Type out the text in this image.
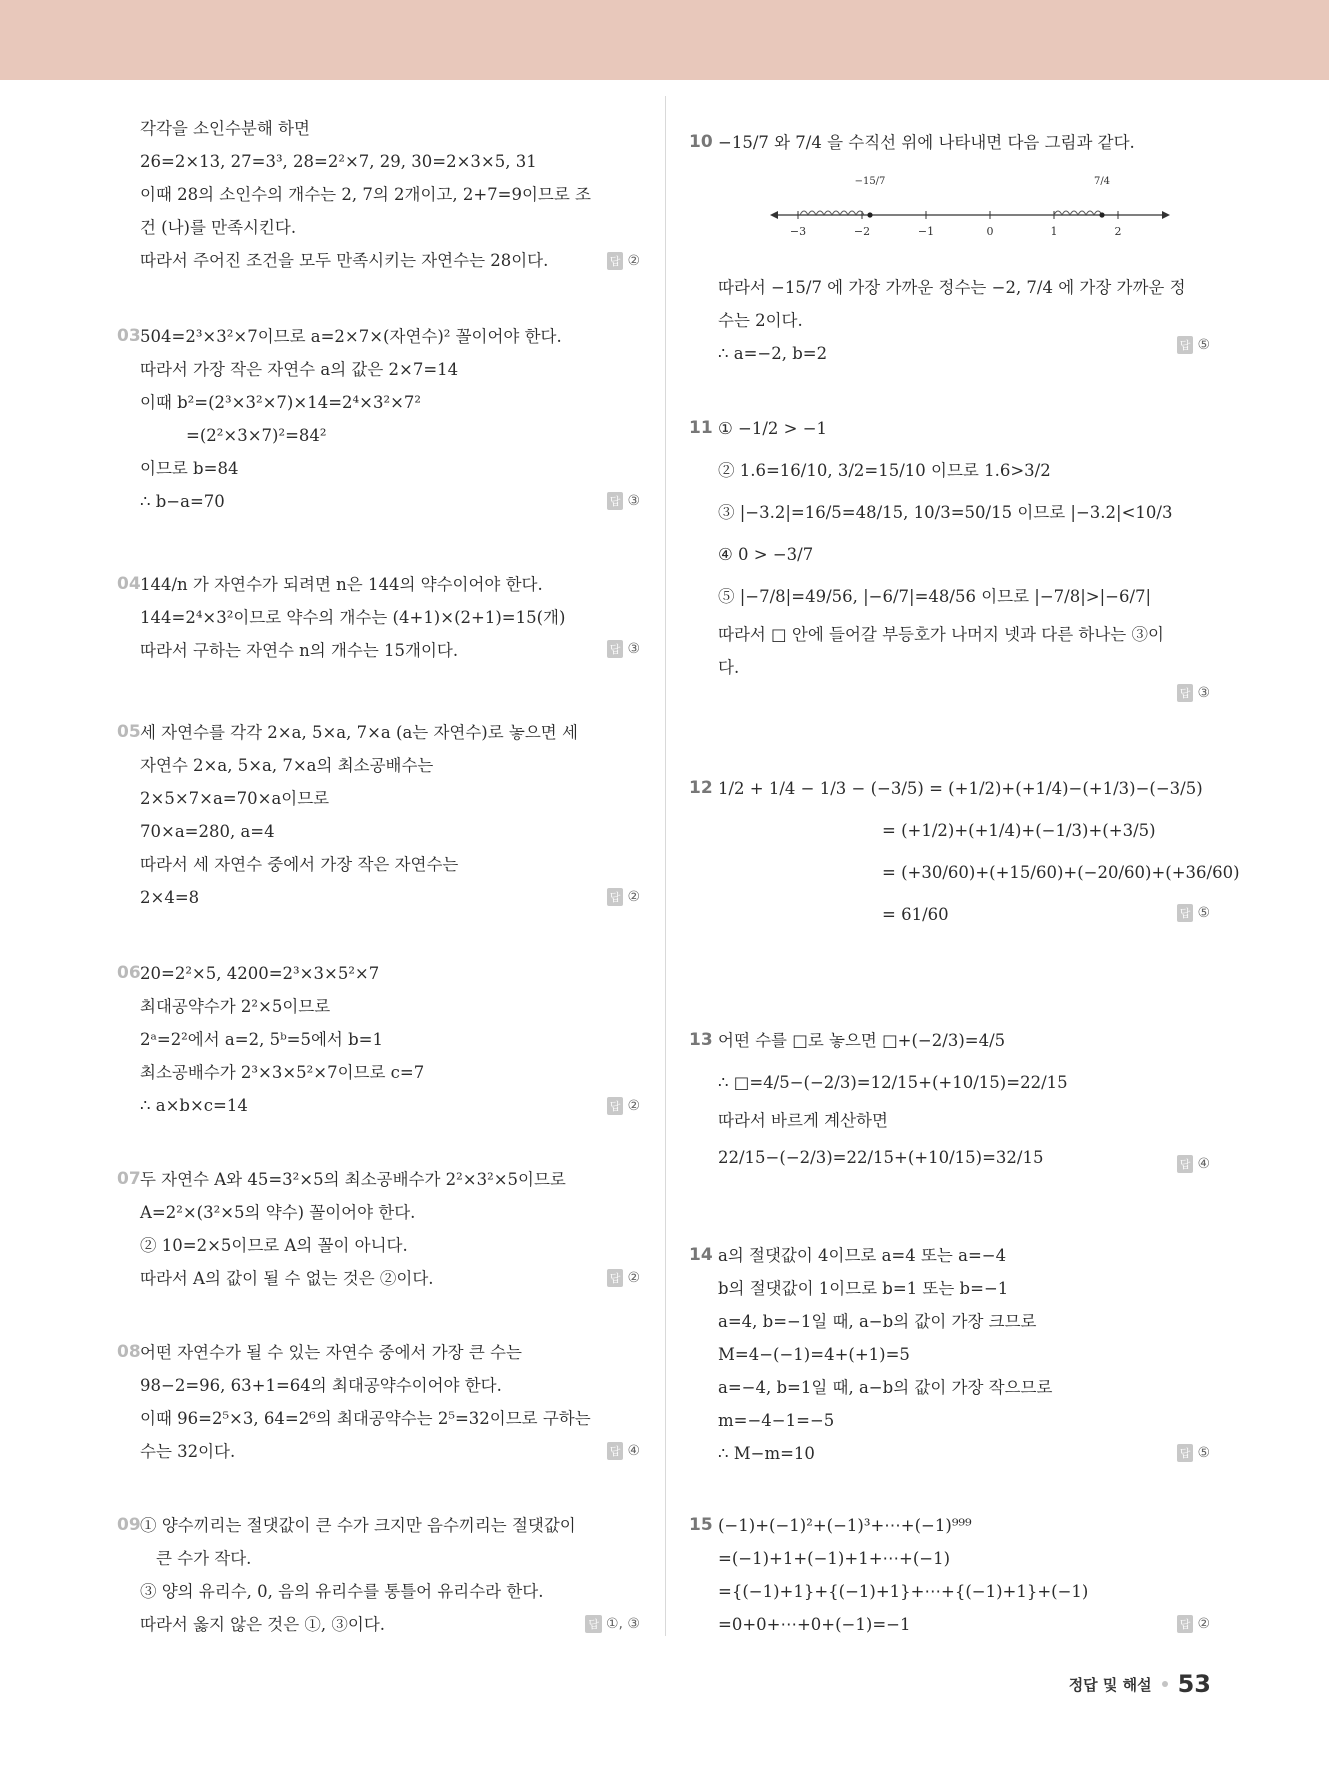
각각을 소인수분해 하면
26=2×13, 27=3³, 28=2²×7, 29, 30=2×3×5, 31
이때 28의 소인수의 개수는 2, 7의 2개이고, 2+7=9이므로 조
건 (나)를 만족시킨다.
따라서 주어진 조건을 모두 만족시키는 자연수는 28이다.	답 ②
03 504=2³×3²×7이므로 a=2×7×(자연수)² 꼴이어야 한다.
따라서 가장 작은 자연수 a의 값은 2×7=14
이때 b²=(2³×3²×7)×14=2⁴×3²×7²
=(2²×3×7)²=84²
이므로 b=84
∴ b−a=70	답 ③
04 144/n 가 자연수가 되려면 n은 144의 약수이어야 한다.
144=2⁴×3²이므로 약수의 개수는 (4+1)×(2+1)=15(개)
따라서 구하는 자연수 n의 개수는 15개이다.	답 ③
05 세 자연수를 각각 2×a, 5×a, 7×a (a는 자연수)로 놓으면 세
자연수 2×a, 5×a, 7×a의 최소공배수는
2×5×7×a=70×a이므로
70×a=280, a=4
따라서 세 자연수 중에서 가장 작은 자연수는
2×4=8	답 ②
06 20=2²×5, 4200=2³×3×5²×7
최대공약수가 2²×5이므로
2ᵃ=2²에서 a=2, 5ᵇ=5에서 b=1
최소공배수가 2³×3×5²×7이므로 c=7
∴ a×b×c=14	답 ②
07 두 자연수 A와 45=3²×5의 최소공배수가 2²×3²×5이므로
A=2²×(3²×5의 약수) 꼴이어야 한다.
② 10=2×5이므로 A의 꼴이 아니다.
따라서 A의 값이 될 수 없는 것은 ②이다.	답 ②
08 어떤 자연수가 될 수 있는 자연수 중에서 가장 큰 수는
98−2=96, 63+1=64의 최대공약수이어야 한다.
이때 96=2⁵×3, 64=2⁶의 최대공약수는 2⁵=32이므로 구하는
수는 32이다.	답 ④
09 ① 양수끼리는 절댓값이 큰 수가 크지만 음수끼리는 절댓값이
큰 수가 작다.
③ 양의 유리수, 0, 음의 유리수를 통틀어 유리수라 한다.
따라서 옳지 않은 것은 ①, ③이다.	답 ①, ③
10 −15/7 와 7/4 을 수직선 위에 나타내면 다음 그림과 같다.
따라서 −15/7 에 가장 가까운 정수는 −2, 7/4 에 가장 가까운 정
수는 2이다.
∴ a=−2, b=2	답 ⑤
11 ① −1/2 > −1
② 1.6=16/10, 3/2=15/10 이므로 1.6>3/2
③ |−3.2|=16/5=48/15, 10/3=50/15 이므로 |−3.2|<10/3
④ 0 > −3/7
⑤ |−7/8|=49/56, |−6/7|=48/56 이므로 |−7/8|>|−6/7|
따라서 □ 안에 들어갈 부등호가 나머지 넷과 다른 하나는 ③이
다.
답 ③
12 1/2 + 1/4 − 1/3 − (−3/5) = (+1/2)+(+1/4)−(+1/3)−(−3/5)
= (+1/2)+(+1/4)+(−1/3)+(+3/5)
= (+30/60)+(+15/60)+(−20/60)+(+36/60)
= 61/60	답 ⑤
13 어떤 수를 □로 놓으면 □+(−2/3)=4/5
∴ □=4/5−(−2/3)=12/15+(+10/15)=22/15
따라서 바르게 계산하면
22/15−(−2/3)=22/15+(+10/15)=32/15	답 ④
14 a의 절댓값이 4이므로 a=4 또는 a=−4
b의 절댓값이 1이므로 b=1 또는 b=−1
a=4, b=−1일 때, a−b의 값이 가장 크므로
M=4−(−1)=4+(+1)=5
a=−4, b=1일 때, a−b의 값이 가장 작으므로
m=−4−1=−5
∴ M−m=10	답 ⑤
15 (−1)+(−1)²+(−1)³+⋯+(−1)⁹⁹⁹
=(−1)+1+(−1)+1+⋯+(−1)
={(−1)+1}+{(−1)+1}+⋯+{(−1)+1}+(−1)
=0+0+⋯+0+(−1)=−1	답 ②
−15/7	7/4
−3	−2	−1	0	1	2
정답 및 해설 53
